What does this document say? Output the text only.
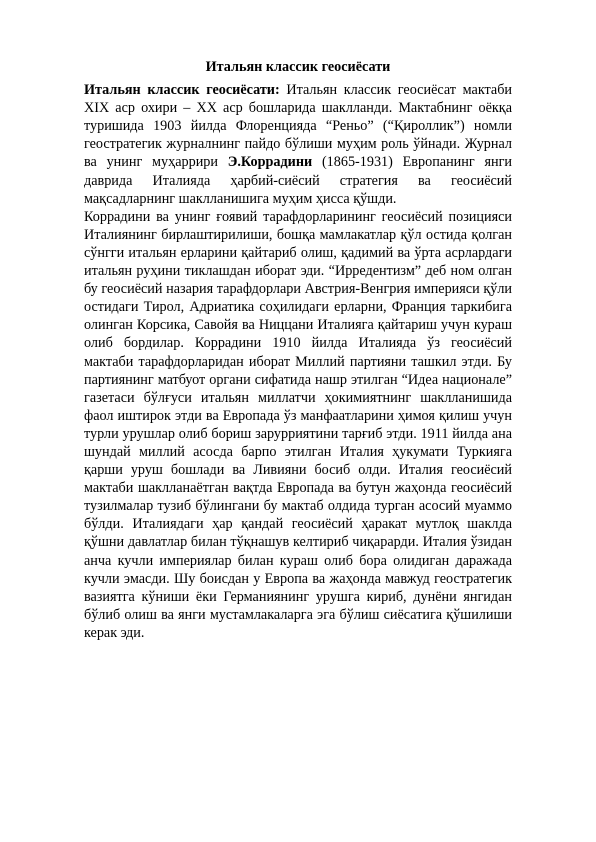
Итальян классик геосиёсати

Итальян классик геосиёсати: Итальян классик геосиёсат мактаби XIX аср охири – XX аср бошларида шаклланди. Мактабнинг оёкқа туришида 1903 йилда Флоренцияда “Реньо” (“Қироллик”) номли геостратегик журналнинг пайдо бўлиши муҳим роль ўйнади. Журнал ва унинг муҳаррири Э.Коррадини (1865-1931) Европанинг янги даврида Италияда ҳарбий-сиёсий стратегия ва геосиёсий мақсадларнинг шаклланишига муҳим ҳисса қўшди.

Коррадини ва унинг ғоявий тарафдорларининг геосиёсий позицияси Италиянинг бирлаштирилиши, бошқа мамлакатлар қўл остида қолган сўнгги итальян ерларини қайтариб олиш, қадимий ва ўрта асрлардаги итальян руҳини тиклашдан иборат эди. “Ирредентизм” деб ном олган бу геосиёсий назария тарафдорлари Австрия-Венгрия империяси қўли остидаги Тирол, Адриатика соҳилидаги ерларни, Франция таркибига олинган Корсика, Савойя ва Ниццани Италияга қайтариш учун кураш олиб бордилар. Коррадини 1910 йилда Италияда ўз геосиёсий мактаби тарафдорларидан иборат Миллий партияни ташкил этди. Бу партиянинг матбуот органи сифатида нашр этилган “Идеа национале” газетаси бўлғуси итальян миллатчи ҳокимиятнинг шаклланишида фаол иштирок этди ва Европада ўз манфаатларини ҳимоя қилиш учун турли урушлар олиб бориш зарурриятини тарғиб этди. 1911 йилда ана шундай миллий асосда барпо этилган Италия ҳукумати Туркияга қарши уруш бошлади ва Ливияни босиб олди. Италия геосиёсий мактаби шаклланаётган вақтда Европада ва бутун жаҳонда геосиёсий тузилмалар тузиб бўлингани бу мактаб олдида турган асосий муаммо бўлди. Италиядаги ҳар қандай геосиёсий ҳаракат мутлоқ шаклда қўшни давлатлар билан тўқнашув келтириб чиқарарди. Италия ўзидан анча кучли империялар билан кураш олиб бора олидиган даражада кучли эмасди. Шу боисдан у Европа ва жаҳонда мавжуд геостратегик вазиятга кўниши ёки Германиянинг урушга кириб, дунёни янгидан бўлиб олиш ва янги мустамлакаларга эга бўлиш сиёсатига қўшилиши керак эди.
